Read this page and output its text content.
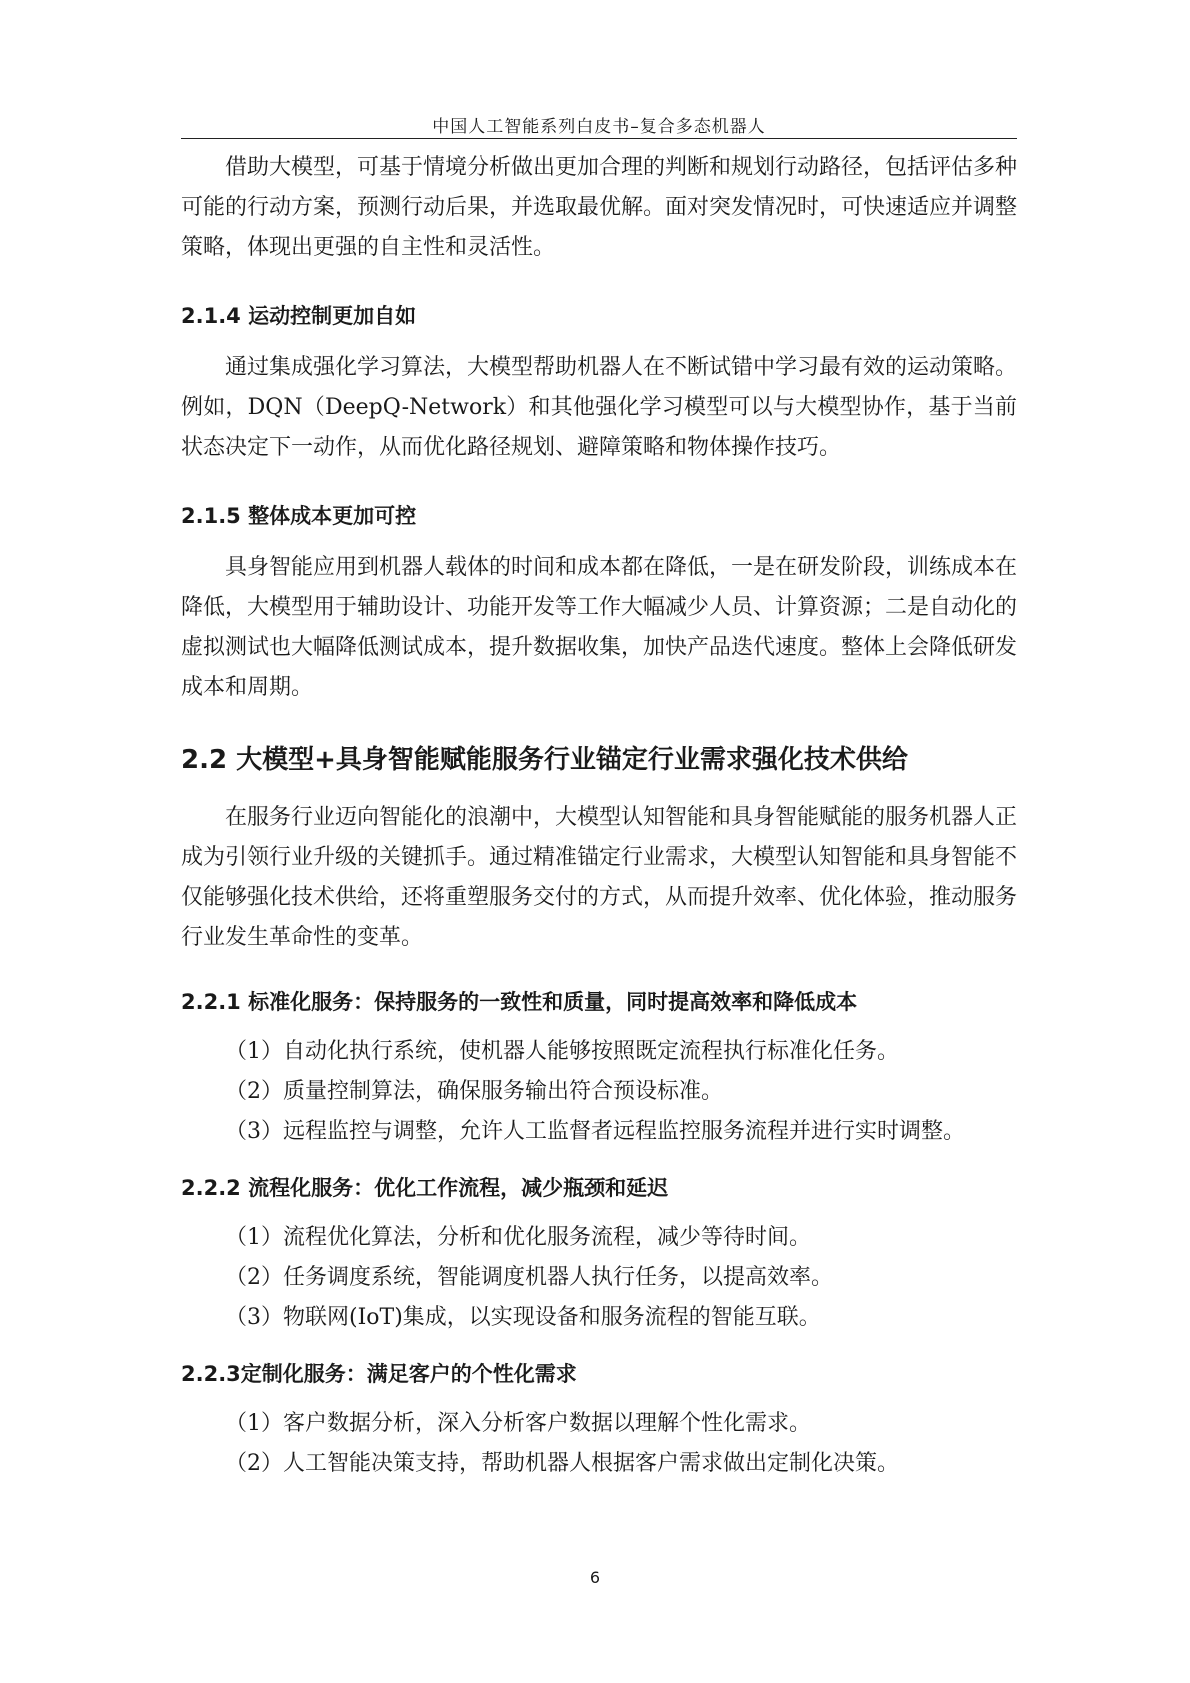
中国人工智能系列白皮书–复合多态机器人

借助大模型，可基于情境分析做出更加合理的判断和规划行动路径，包括评估多种可能的行动方案，预测行动后果，并选取最优解。面对突发情况时，可快速适应并调整策略，体现出更强的自主性和灵活性。

2.1.4 运动控制更加自如

通过集成强化学习算法，大模型帮助机器人在不断试错中学习最有效的运动策略。例如，DQN（DeepQ-Network）和其他强化学习模型可以与大模型协作，基于当前状态决定下一动作，从而优化路径规划、避障策略和物体操作技巧。

2.1.5 整体成本更加可控

具身智能应用到机器人载体的时间和成本都在降低，一是在研发阶段，训练成本在降低，大模型用于辅助设计、功能开发等工作大幅减少人员、计算资源；二是自动化的虚拟测试也大幅降低测试成本，提升数据收集，加快产品迭代速度。整体上会降低研发成本和周期。

2.2 大模型+具身智能赋能服务行业锚定行业需求强化技术供给

在服务行业迈向智能化的浪潮中，大模型认知智能和具身智能赋能的服务机器人正成为引领行业升级的关键抓手。通过精准锚定行业需求，大模型认知智能和具身智能不仅能够强化技术供给，还将重塑服务交付的方式，从而提升效率、优化体验，推动服务行业发生革命性的变革。

2.2.1 标准化服务：保持服务的一致性和质量，同时提高效率和降低成本

（1）自动化执行系统，使机器人能够按照既定流程执行标准化任务。

（2）质量控制算法，确保服务输出符合预设标准。

（3）远程监控与调整，允许人工监督者远程监控服务流程并进行实时调整。

2.2.2 流程化服务：优化工作流程，减少瓶颈和延迟

（1）流程优化算法，分析和优化服务流程，减少等待时间。

（2）任务调度系统，智能调度机器人执行任务，以提高效率。

（3）物联网(IoT)集成，以实现设备和服务流程的智能互联。

2.2.3定制化服务：满足客户的个性化需求

（1）客户数据分析，深入分析客户数据以理解个性化需求。

（2）人工智能决策支持，帮助机器人根据客户需求做出定制化决策。

6
